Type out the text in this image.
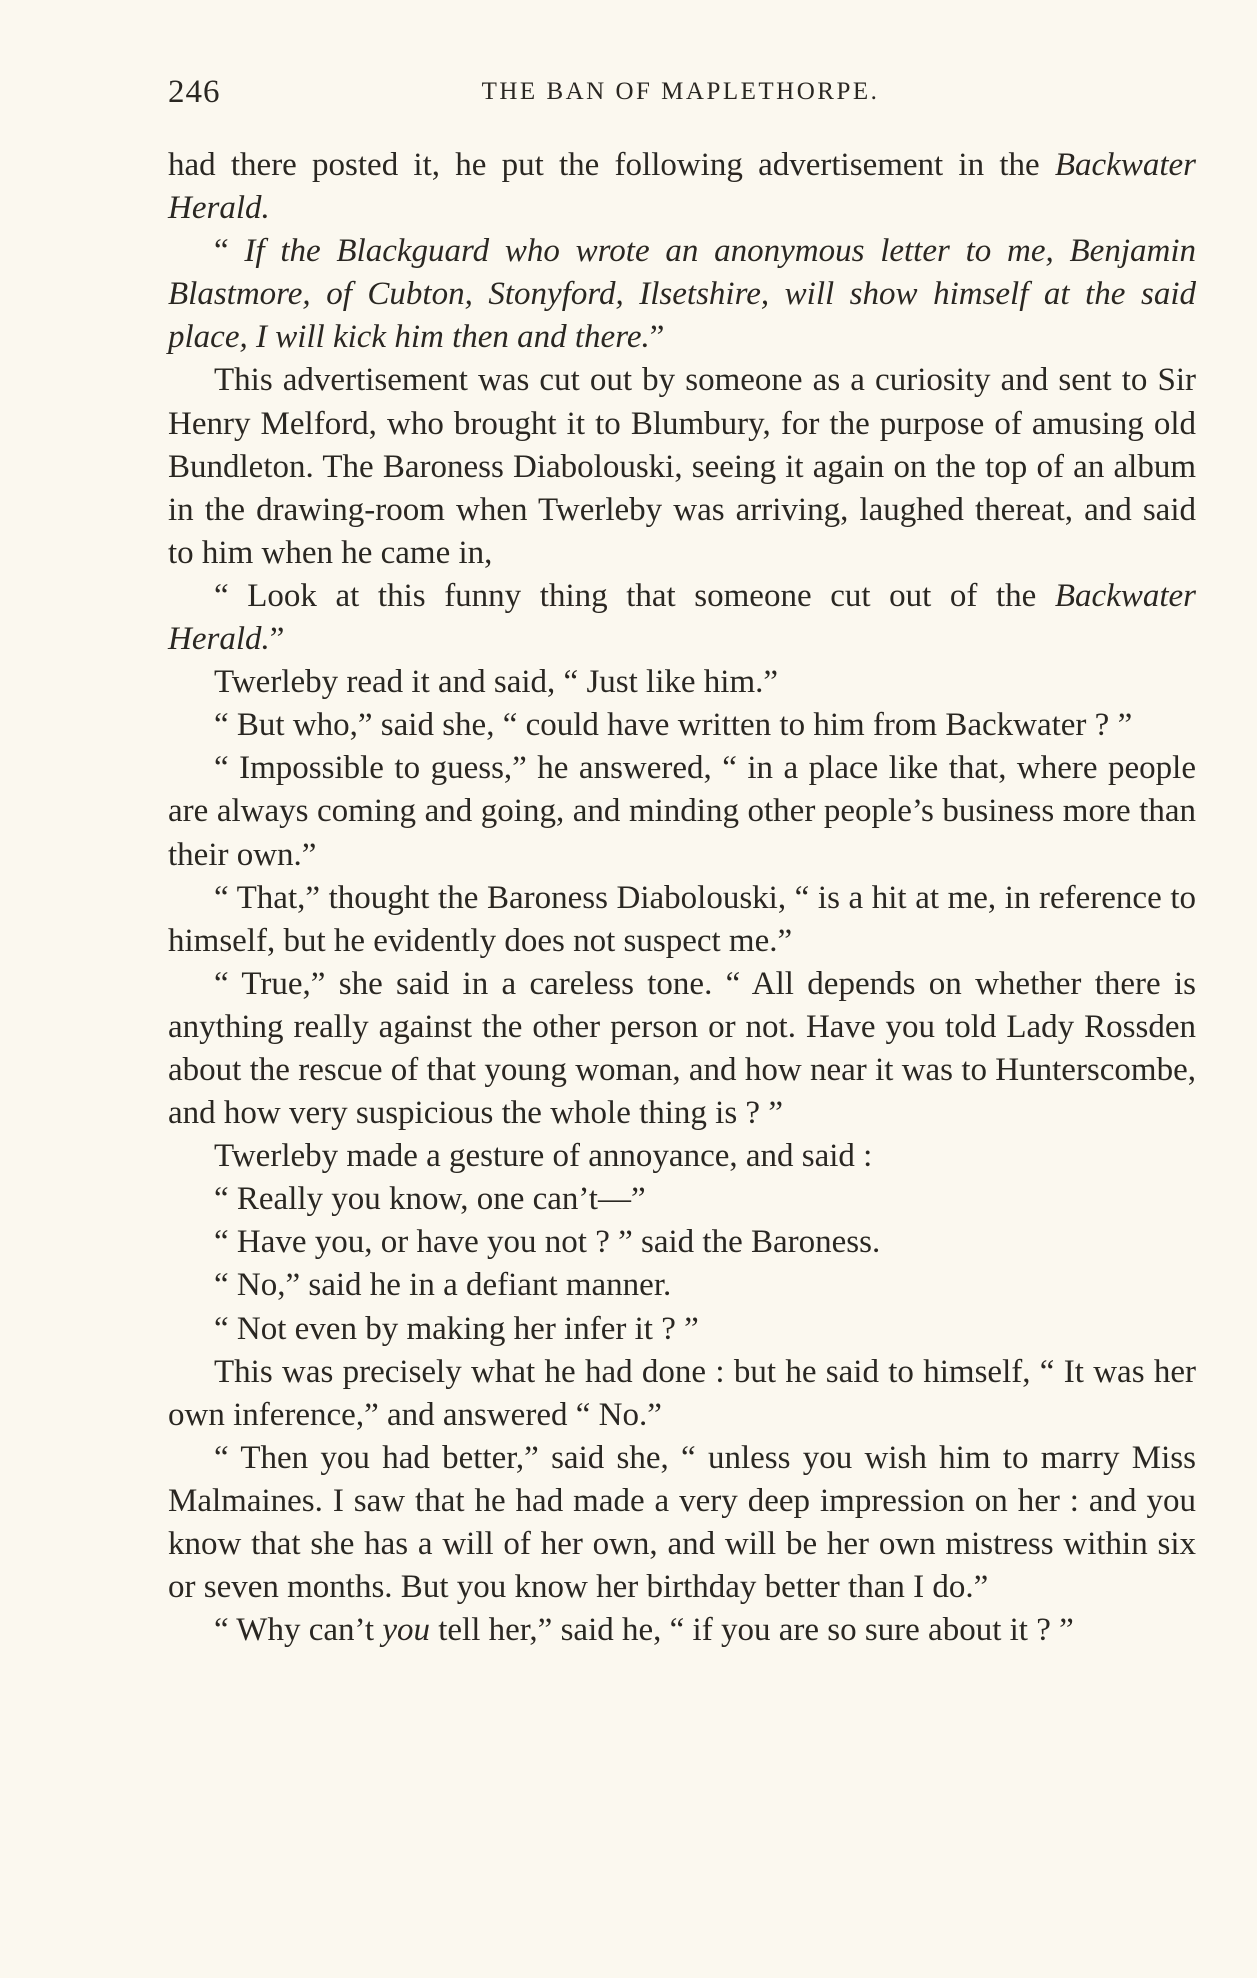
246	THE BAN OF MAPLETHORPE.

had there posted it, he put the following advertisement in the Backwater Herald.

“ If the Blackguard who wrote an anonymous letter to me, Benjamin Blastmore, of Cubton, Stonyford, Ilsetshire, will show himself at the said place, I will kick him then and there.”

This advertisement was cut out by someone as a curiosity and sent to Sir Henry Melford, who brought it to Blumbury, for the purpose of amusing old Bundleton. The Baroness Diabolouski, seeing it again on the top of an album in the drawing-room when Twerleby was arriving, laughed thereat, and said to him when he came in,

“ Look at this funny thing that someone cut out of the Backwater Herald.”

Twerleby read it and said, “ Just like him.”

“ But who,” said she, “ could have written to him from Backwater ? ”

“ Impossible to guess,” he answered, “ in a place like that, where people are always coming and going, and minding other people’s business more than their own.”

“ That,” thought the Baroness Diabolouski, “ is a hit at me, in reference to himself, but he evidently does not suspect me.”

“ True,” she said in a careless tone. “ All depends on whether there is anything really against the other person or not. Have you told Lady Rossden about the rescue of that young woman, and how near it was to Hunterscombe, and how very suspicious the whole thing is ? ”

Twerleby made a gesture of annoyance, and said :

“ Really you know, one can’t—”

“ Have you, or have you not ? ” said the Baroness.

“ No,” said he in a defiant manner.

“ Not even by making her infer it ? ”

This was precisely what he had done : but he said to himself, “ It was her own inference,” and answered “ No.”

“ Then you had better,” said she, “ unless you wish him to marry Miss Malmaines. I saw that he had made a very deep impression on her : and you know that she has a will of her own, and will be her own mistress within six or seven months. But you know her birthday better than I do.”

“ Why can’t you tell her,” said he, “ if you are so sure about it ? ”
